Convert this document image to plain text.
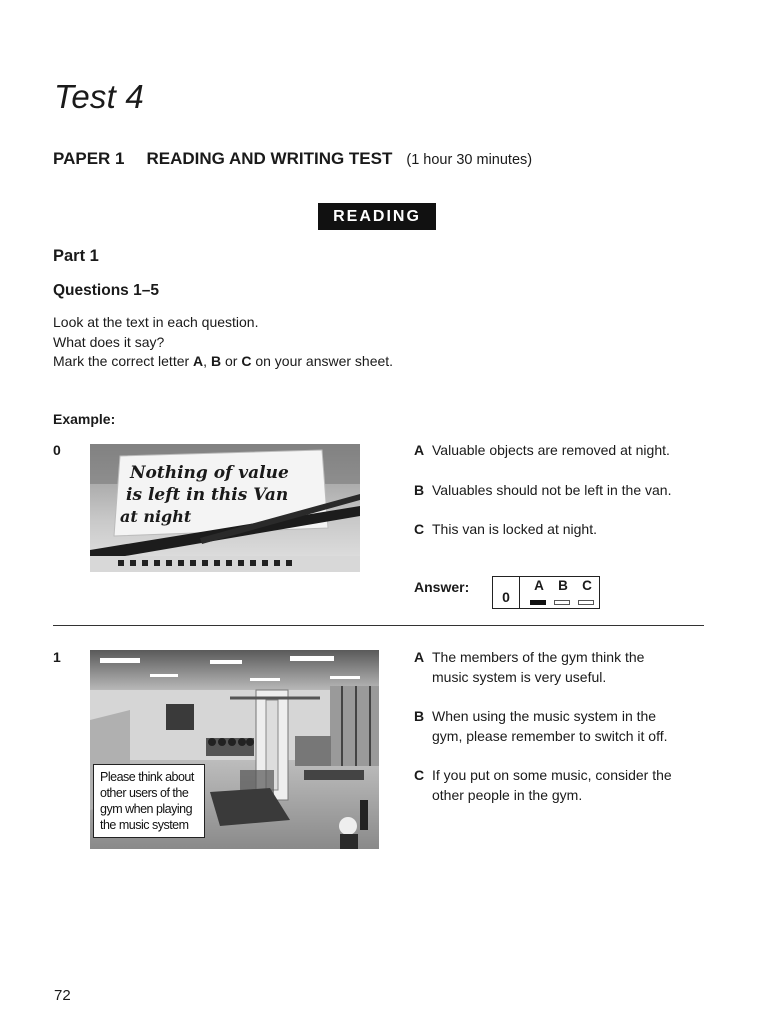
Test 4
PAPER 1 READING AND WRITING TEST (1 hour 30 minutes)
READING
Part 1
Questions 1–5
Look at the text in each question.
What does it say?
Mark the correct letter A, B or C on your answer sheet.
Example:
0
Nothing of value
is left in this Van
at night
A Valuable objects are removed at night.
B Valuables should not be left in the van.
C This van is locked at night.
Answer:
0
A B C
1
Please think about other users of the gym when playing the music system
A The members of the gym think the
music system is very useful.
B When using the music system in the
gym, please remember to switch it off.
C If you put on some music, consider the
other people in the gym.
72
